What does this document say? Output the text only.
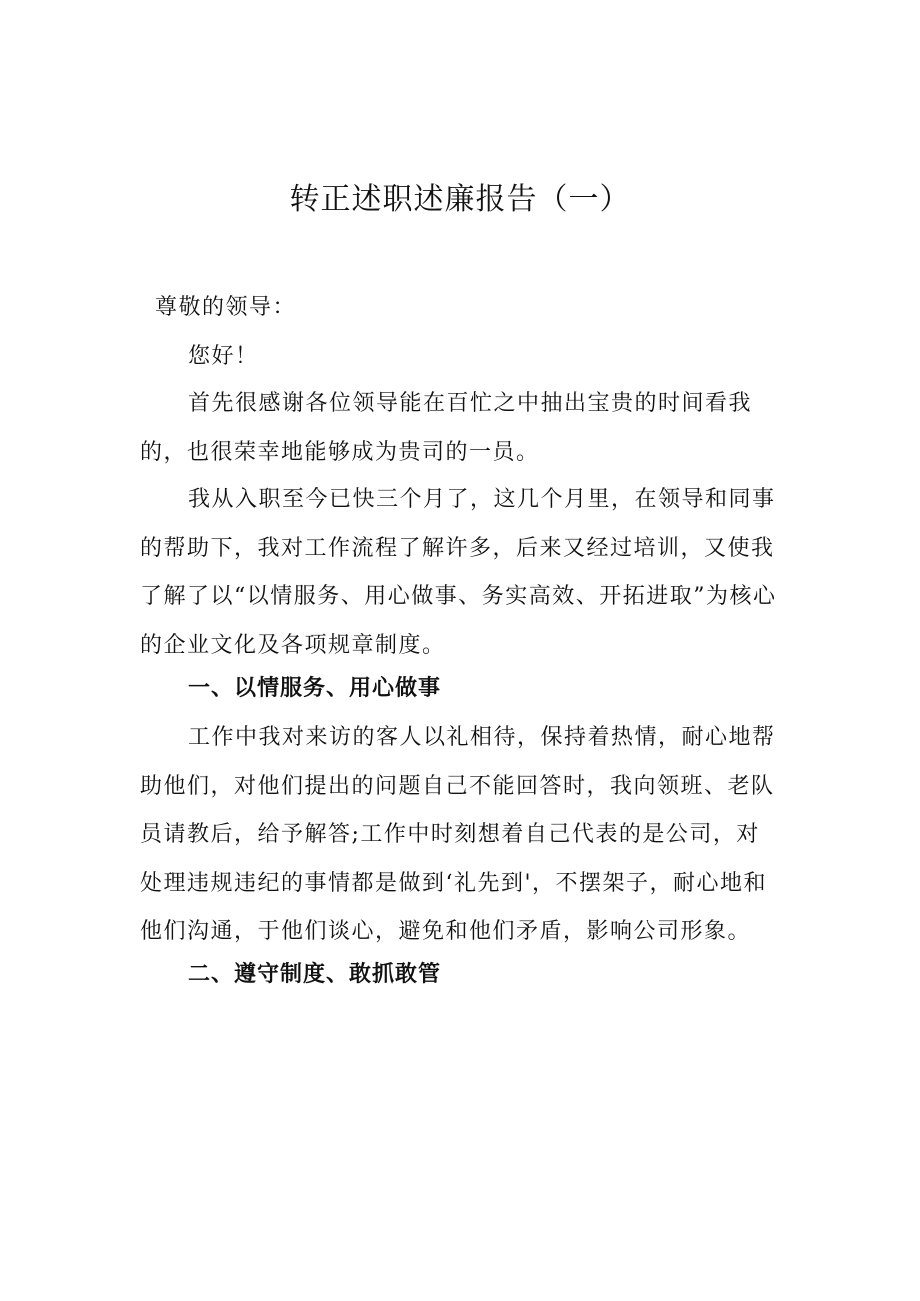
转正述职述廉报告（一）

尊敬的领导：

您好！

首先很感谢各位领导能在百忙之中抽出宝贵的时间看我的，也很荣幸地能够成为贵司的一员。

我从入职至今已快三个月了，这几个月里，在领导和同事的帮助下，我对工作流程了解许多，后来又经过培训，又使我了解了以“以情服务、用心做事、务实高效、开拓进取”为核心的企业文化及各项规章制度。

一、以情服务、用心做事

工作中我对来访的客人以礼相待，保持着热情，耐心地帮助他们，对他们提出的问题自己不能回答时，我向领班、老队员请教后，给予解答;工作中时刻想着自己代表的是公司，对处理违规违纪的事情都是做到‘礼先到'，不摆架子，耐心地和他们沟通，于他们谈心，避免和他们矛盾，影响公司形象。

二、遵守制度、敢抓敢管
